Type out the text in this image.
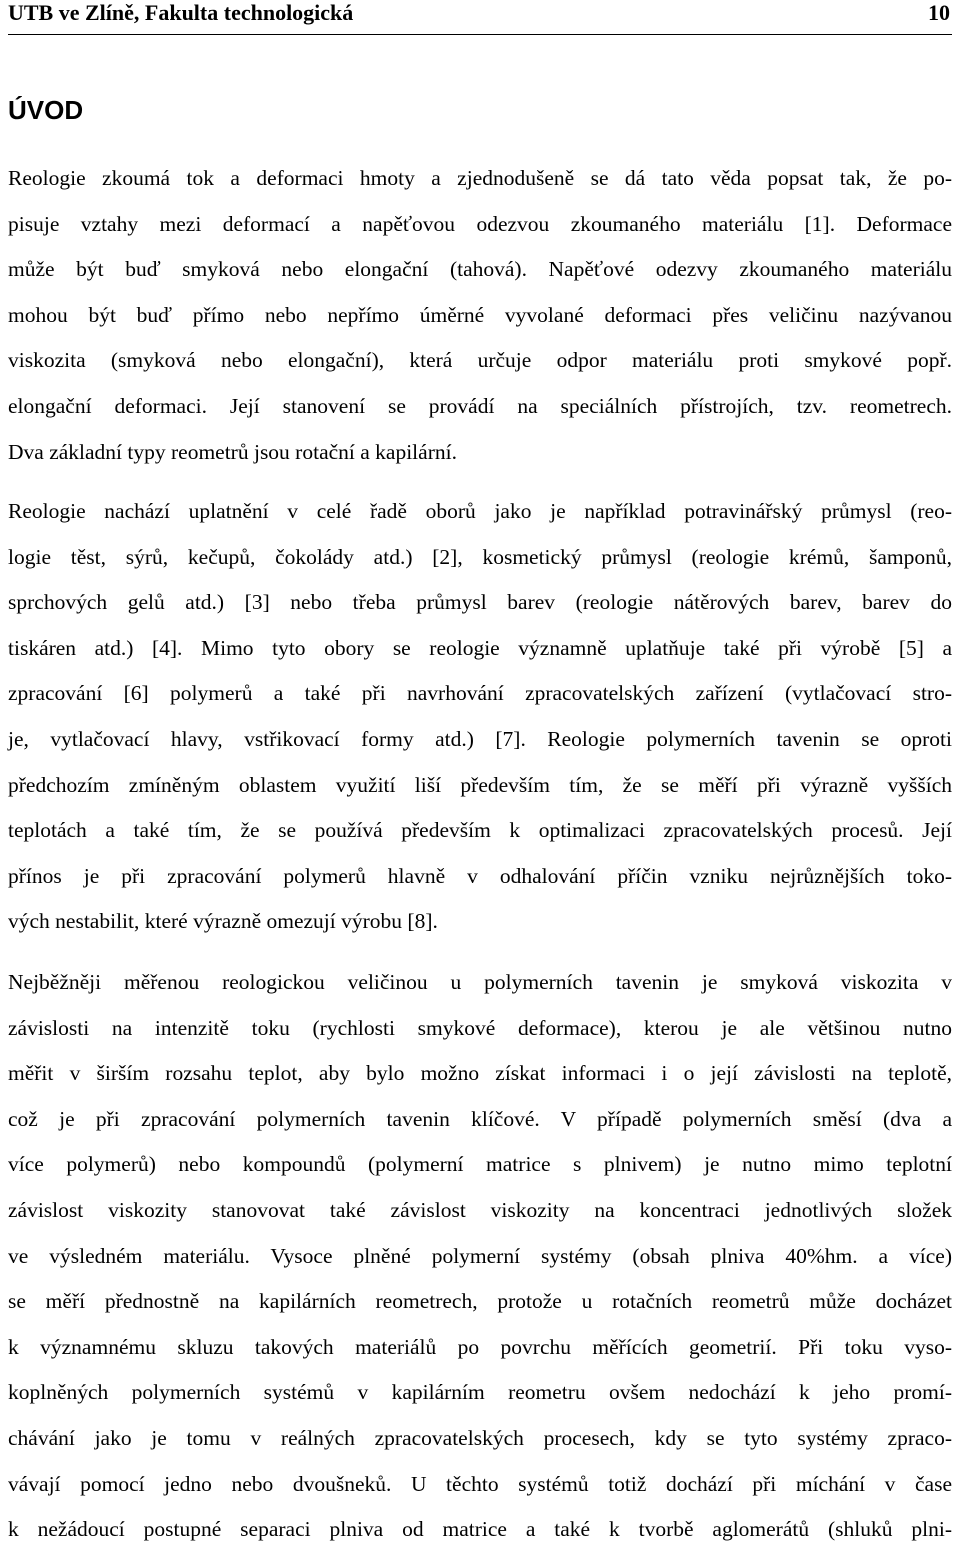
UTB ve Zlíně, Fakulta technologická	10
ÚVOD
Reologie zkoumá tok a deformaci hmoty a zjednodušeně se dá tato věda popsat tak, že po-
pisuje vztahy mezi deformací a napěťovou odezvou zkoumaného materiálu [1]. Deformace
může být buď smyková nebo elongační (tahová). Napěťové odezvy zkoumaného materiálu
mohou být buď přímo nebo nepřímo úměrné vyvolané deformaci přes veličinu nazývanou
viskozita (smyková nebo elongační), která určuje odpor materiálu proti smykové popř.
elongační deformaci. Její stanovení se provádí na speciálních přístrojích, tzv. reometrech.
Dva základní typy reometrů jsou rotační a kapilární.
Reologie nachází uplatnění v celé řadě oborů jako je například potravinářský průmysl (reo-
logie těst, sýrů, kečupů, čokolády atd.) [2], kosmetický průmysl (reologie krémů, šamponů,
sprchových gelů atd.) [3] nebo třeba průmysl barev (reologie nátěrových barev, barev do
tiskáren atd.) [4]. Mimo tyto obory se reologie významně uplatňuje také při výrobě [5] a
zpracování [6] polymerů a také při navrhování zpracovatelských zařízení (vytlačovací stro-
je, vytlačovací hlavy, vstřikovací formy atd.) [7]. Reologie polymerních tavenin se oproti
předchozím zmíněným oblastem využití liší především tím, že se měří při výrazně vyšších
teplotách a také tím, že se používá především k optimalizaci zpracovatelských procesů. Její
přínos je při zpracování polymerů hlavně v odhalování příčin vzniku nejrůznějších toko-
vých nestabilit, které výrazně omezují výrobu [8].
Nejběžněji měřenou reologickou veličinou u polymerních tavenin je smyková viskozita v
závislosti na intenzitě toku (rychlosti smykové deformace), kterou je ale většinou nutno
měřit v širším rozsahu teplot, aby bylo možno získat informaci i o její závislosti na teplotě,
což je při zpracování polymerních tavenin klíčové. V případě polymerních směsí (dva a
více polymerů) nebo kompoundů (polymerní matrice s plnivem) je nutno mimo teplotní
závislost viskozity stanovovat také závislost viskozity na koncentraci jednotlivých složek
ve výsledném materiálu. Vysoce plněné polymerní systémy (obsah plniva 40%hm. a více)
se měří přednostně na kapilárních reometrech, protože u rotačních reometrů může docházet
k významnému skluzu takových materiálů po povrchu měřících geometrií. Při toku vyso-
koplněných polymerních systémů v kapilárním reometru ovšem nedochází k jeho promí-
chávání jako je tomu v reálných zpracovatelských procesech, kdy se tyto systémy zpraco-
vávají pomocí jedno nebo dvoušneků. U těchto systémů totiž dochází při míchání v čase
k nežádoucí postupné separaci plniva od matrice a také k tvorbě aglomerátů (shluků plni-
